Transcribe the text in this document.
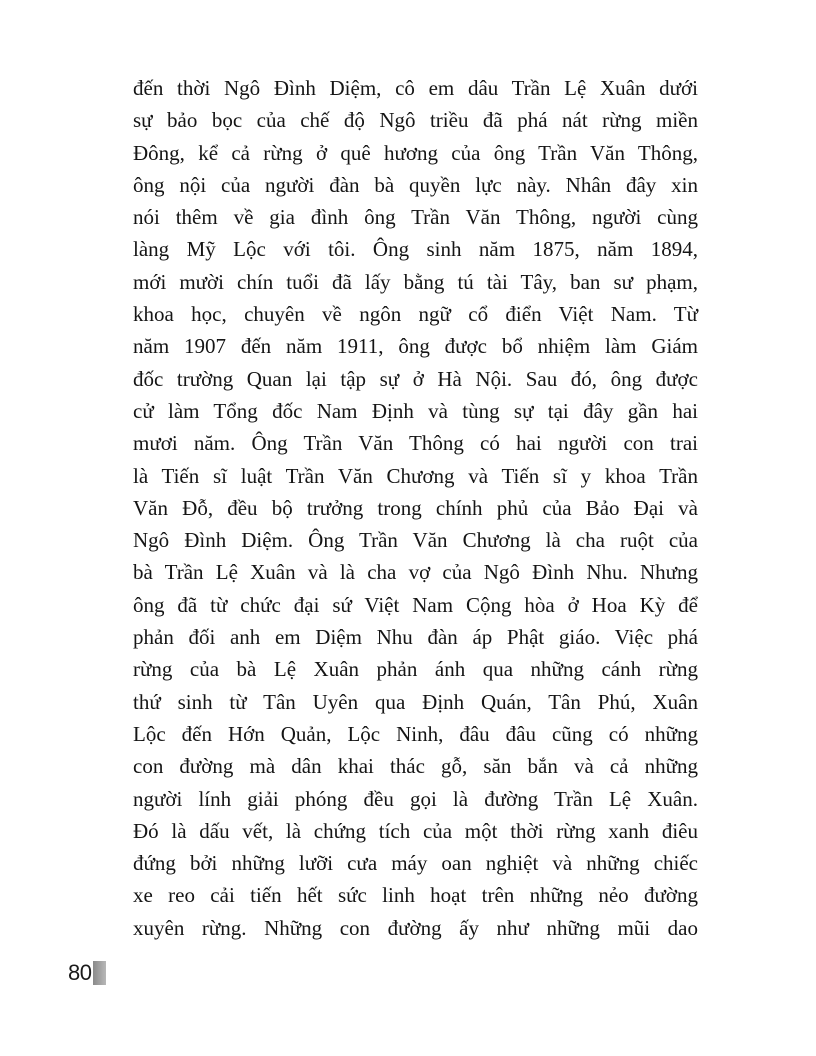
đến thời Ngô Đình Diệm, cô em dâu Trần Lệ Xuân dưới
sự bảo bọc của chế độ Ngô triều đã phá nát rừng miền
Đông, kể cả rừng ở quê hương của ông Trần Văn Thông,
ông nội của người đàn bà quyền lực này. Nhân đây xin
nói thêm về gia đình ông Trần Văn Thông, người cùng
làng Mỹ Lộc với tôi. Ông sinh năm 1875, năm 1894,
mới mười chín tuổi đã lấy bằng tú tài Tây, ban sư phạm,
khoa học, chuyên về ngôn ngữ cổ điển Việt Nam. Từ
năm 1907 đến năm 1911, ông được bổ nhiệm làm Giám
đốc trường Quan lại tập sự ở Hà Nội. Sau đó, ông được
cử làm Tổng đốc Nam Định và tùng sự tại đây gần hai
mươi năm. Ông Trần Văn Thông có hai người con trai
là Tiến sĩ luật Trần Văn Chương và Tiến sĩ y khoa Trần
Văn Đỗ, đều bộ trưởng trong chính phủ của Bảo Đại và
Ngô Đình Diệm. Ông Trần Văn Chương là cha ruột của
bà Trần Lệ Xuân và là cha vợ của Ngô Đình Nhu. Nhưng
ông đã từ chức đại sứ Việt Nam Cộng hòa ở Hoa Kỳ để
phản đối anh em Diệm Nhu đàn áp Phật giáo. Việc phá
rừng của bà Lệ Xuân phản ánh qua những cánh rừng
thứ sinh từ Tân Uyên qua Định Quán, Tân Phú, Xuân
Lộc đến Hớn Quản, Lộc Ninh, đâu đâu cũng có những
con đường mà dân khai thác gỗ, săn bắn và cả những
người lính giải phóng đều gọi là đường Trần Lệ Xuân.
Đó là dấu vết, là chứng tích của một thời rừng xanh điêu
đứng bởi những lưỡi cưa máy oan nghiệt và những chiếc
xe reo cải tiến hết sức linh hoạt trên những nẻo đường
xuyên rừng. Những con đường ấy như những mũi dao
80
